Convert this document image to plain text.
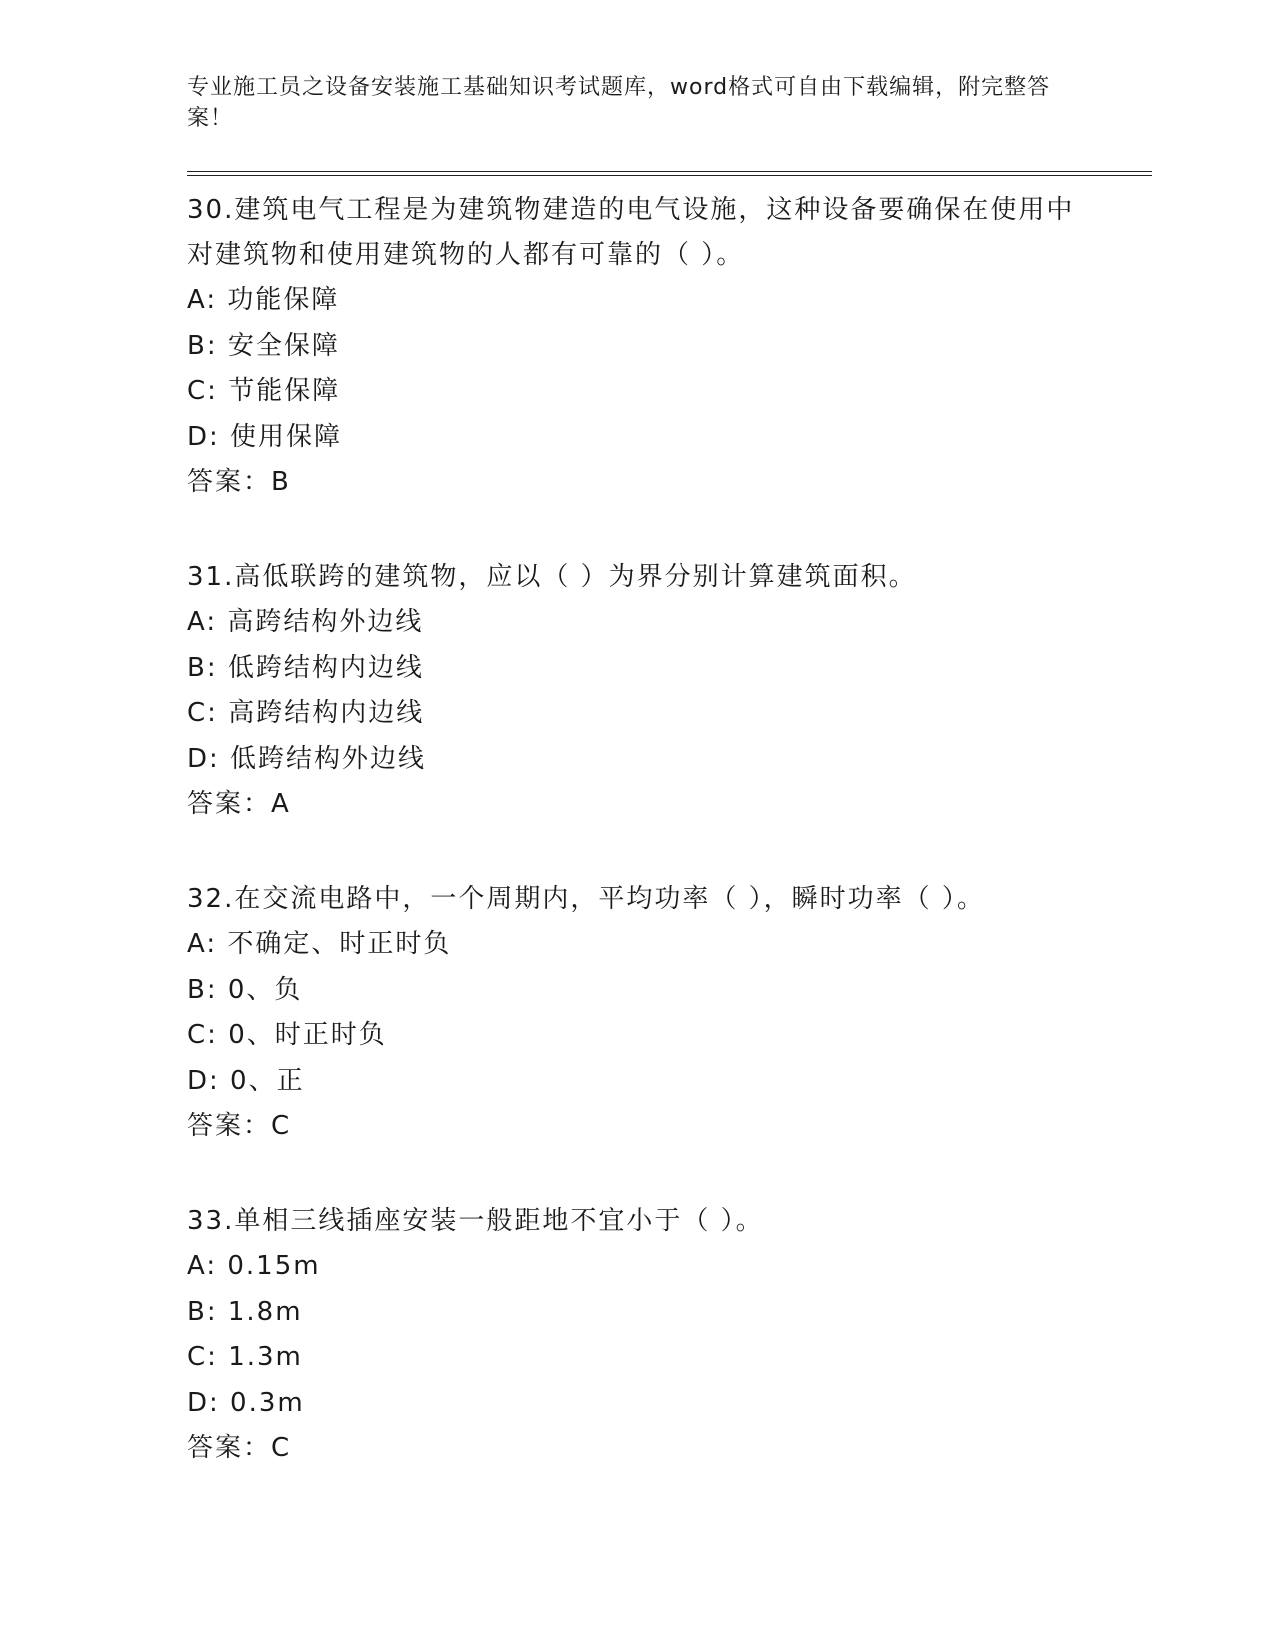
专业施工员之设备安装施工基础知识考试题库，word格式可自由下载编辑，附完整答案！
30.建筑电气工程是为建筑物建造的电气设施，这种设备要确保在使用中对建筑物和使用建筑物的人都有可靠的（ ）。
A: 功能保障
B: 安全保障
C: 节能保障
D: 使用保障
答案：B
31.高低联跨的建筑物，应以（ ）为界分别计算建筑面积。
A: 高跨结构外边线
B: 低跨结构内边线
C: 高跨结构内边线
D: 低跨结构外边线
答案：A
32.在交流电路中，一个周期内，平均功率（ ），瞬时功率（ ）。
A: 不确定、时正时负
B: 0、负
C: 0、时正时负
D: 0、正
答案：C
33.单相三线插座安装一般距地不宜小于（ ）。
A: 0.15m
B: 1.8m
C: 1.3m
D: 0.3m
答案：C
